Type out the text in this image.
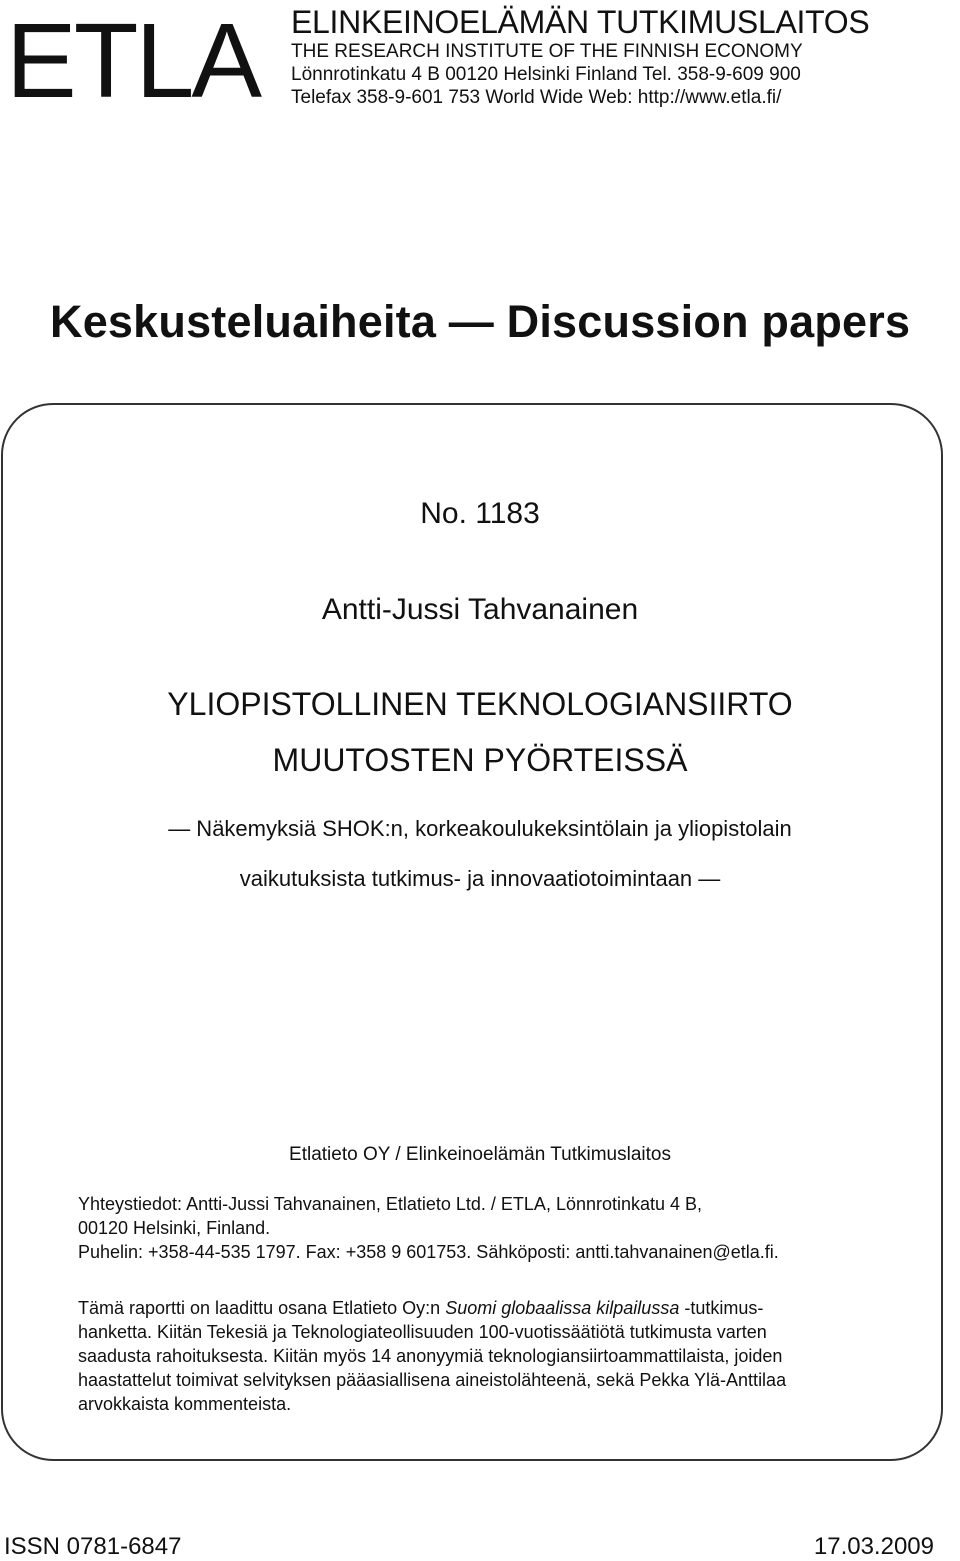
ETLA ELINKEINOELÄMÄN TUTKIMUSLAITOS
THE RESEARCH INSTITUTE OF THE FINNISH ECONOMY
Lönnrotinkatu 4 B 00120 Helsinki Finland Tel. 358-9-609 900
Telefax 358-9-601 753 World Wide Web: http://www.etla.fi/
Keskusteluaiheita — Discussion papers
No. 1183
Antti-Jussi Tahvanainen
YLIOPISTOLLINEN TEKNOLOGIANSIIRTO
MUUTOSTEN PYÖRTEISSÄ
— Näkemyksiä SHOK:n, korkeakoulukeksintölain ja yliopistolain
vaikutuksista tutkimus- ja innovaatiotoimintaan —
Etlatieto OY / Elinkeinoelämän Tutkimuslaitos
Yhteystiedot: Antti-Jussi Tahvanainen, Etlatieto Ltd. / ETLA, Lönnrotinkatu 4 B,
00120 Helsinki, Finland.
Puhelin: +358-44-535 1797. Fax: +358 9 601753. Sähköposti: antti.tahvanainen@etla.fi.
Tämä raportti on laadittu osana Etlatieto Oy:n Suomi globaalissa kilpailussa -tutkimus-
hanketta. Kiitän Tekesiä ja Teknologiateollisuuden 100-vuotissäätiötä tutkimusta varten
saadusta rahoituksesta. Kiitän myös 14 anonyymiä teknologiansiirtoammattilaista, joiden
haastattelut toimivat selvityksen pääasiallisena aineistolähteenä, sekä Pekka Ylä-Anttilaa
arvokkaista kommenteista.
ISSN 0781-6847	17.03.2009
